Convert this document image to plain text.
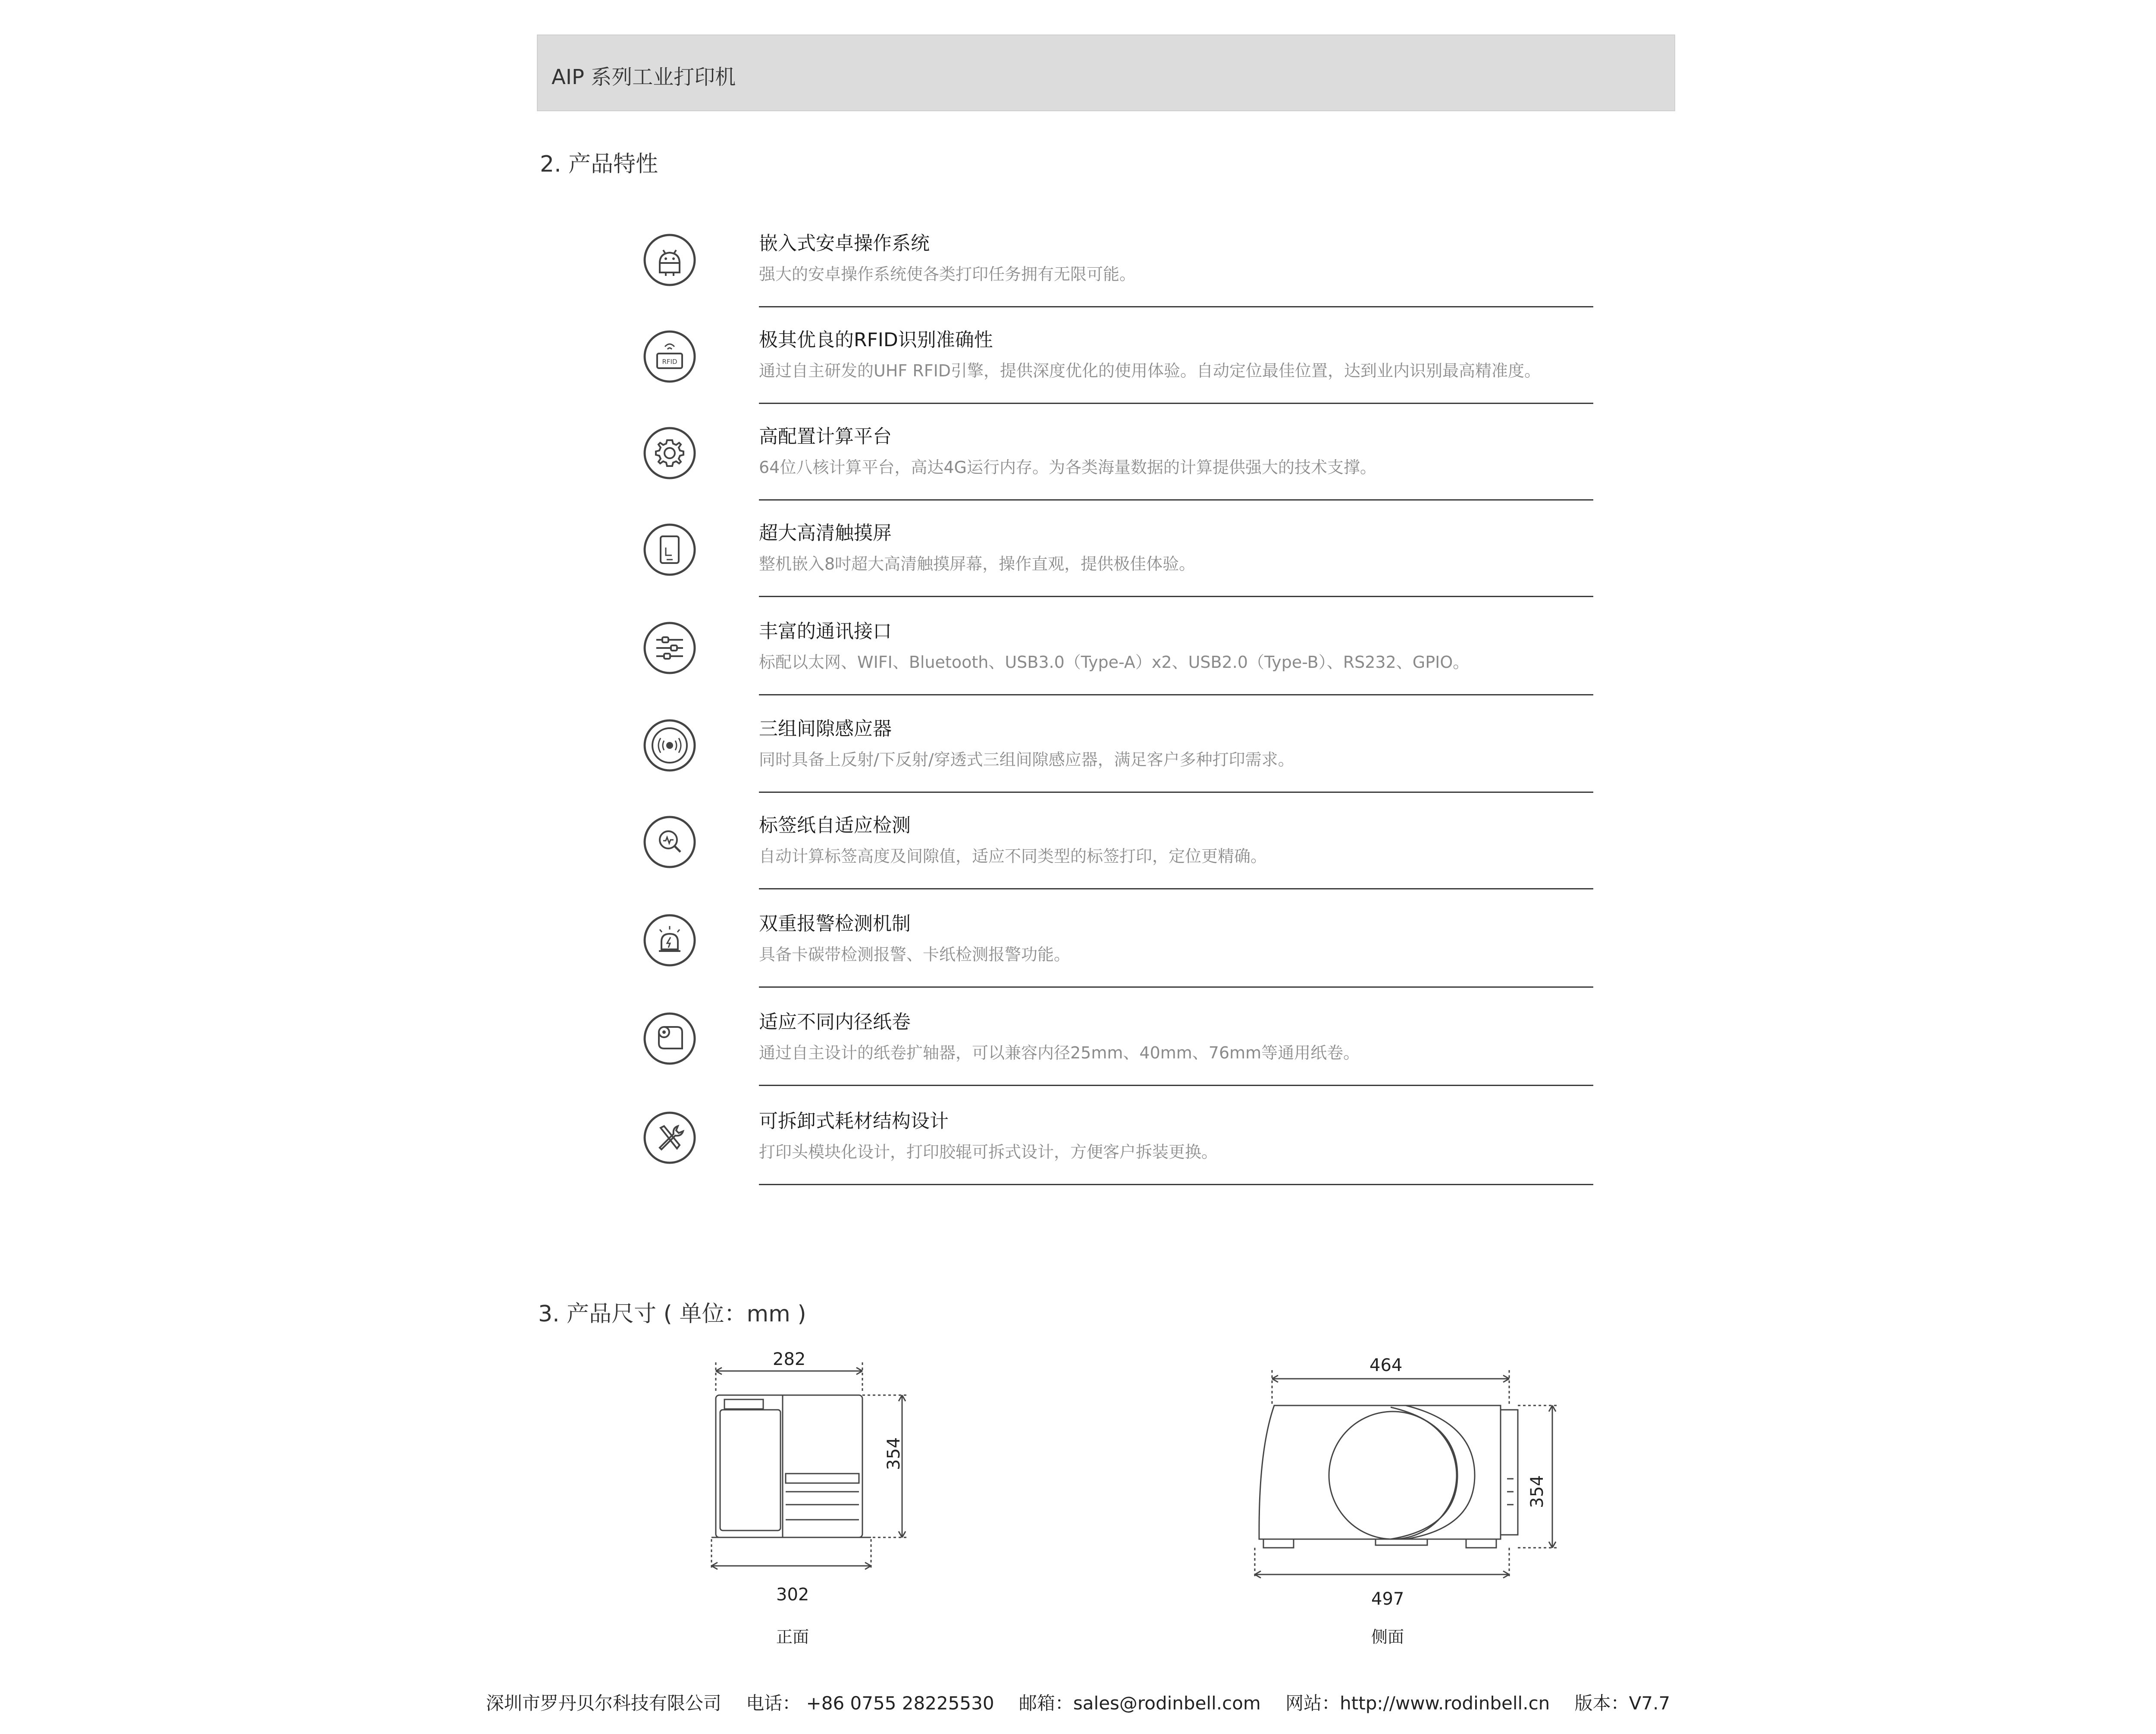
AIP 系列工业打印机
2. 产品特性
嵌入式安卓操作系统
强大的安卓操作系统使各类打印任务拥有无限可能。
RFID
极其优良的RFID识别准确性
通过自主研发的UHF RFID引擎，提供深度优化的使用体验。自动定位最佳位置，达到业内识别最高精准度。
高配置计算平台
64位八核计算平台，高达4G运行内存。为各类海量数据的计算提供强大的技术支撑。
超大高清触摸屏
整机嵌入8吋超大高清触摸屏幕，操作直观，提供极佳体验。
丰富的通讯接口
标配以太网、WIFI、Bluetooth、USB3.0（Type-A）x2、USB2.0（Type-B）、RS232、GPIO。
三组间隙感应器
同时具备上反射/下反射/穿透式三组间隙感应器，满足客户多种打印需求。
标签纸自适应检测
自动计算标签高度及间隙值，适应不同类型的标签打印，定位更精确。
双重报警检测机制
具备卡碳带检测报警、卡纸检测报警功能。
适应不同内径纸卷
通过自主设计的纸卷扩轴器，可以兼容内径25mm、40mm、76mm等通用纸卷。
可拆卸式耗材结构设计
打印头模块化设计，打印胶辊可拆式设计，方便客户拆装更换。
3. 产品尺寸 ( 单位：mm )
282
354
302
正面
464
354
497
侧面
深圳市罗丹贝尔科技有限公司 电话： +86 0755 28225530 邮箱：sales@rodinbell.com 网站：http://www.rodinbell.cn 版本：V7.7
